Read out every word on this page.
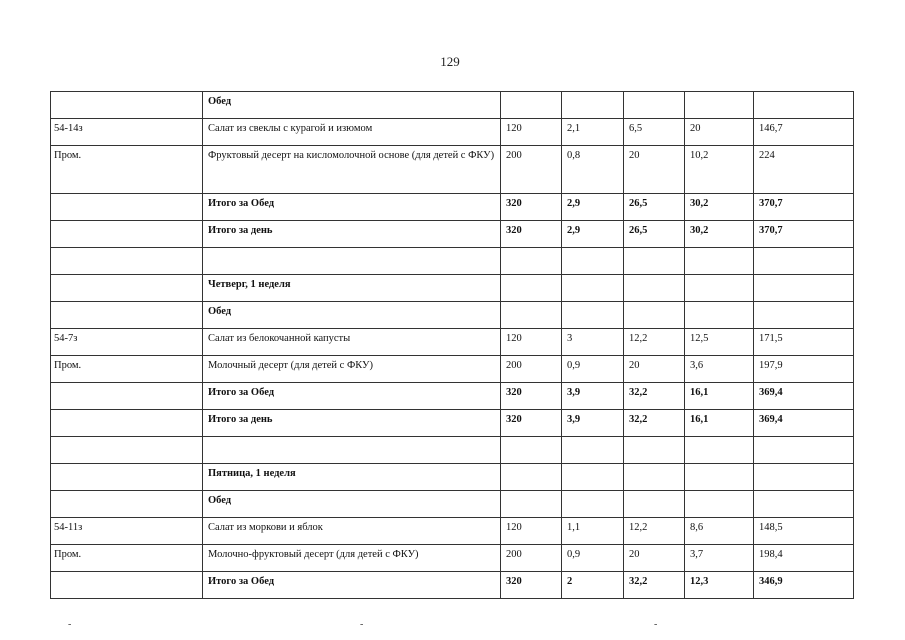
129
	Обед					
54-14з	Салат из свеклы с курагой и изюмом	120	2,1	6,5	20	146,7
Пром.	Фруктовый десерт на кисломолочной основе (для детей с ФКУ)	200	0,8	20	10,2	224
	Итого за Обед	320	2,9	26,5	30,2	370,7
	Итого за день	320	2,9	26,5	30,2	370,7

	Четверг, 1 неделя					
	Обед					
54-7з	Салат из белокочанной капусты	120	3	12,2	12,5	171,5
Пром.	Молочный десерт (для детей с ФКУ)	200	0,9	20	3,6	197,9
	Итого за Обед	320	3,9	32,2	16,1	369,4
	Итого за день	320	3,9	32,2	16,1	369,4

	Пятница, 1 неделя					
	Обед					
54-11з	Салат из моркови и яблок	120	1,1	12,2	8,6	148,5
Пром.	Молочно-фруктовый десерт (для детей с ФКУ)	200	0,9	20	3,7	198,4
	Итого за Обед	320	2	32,2	12,3	346,9
-	-	-
